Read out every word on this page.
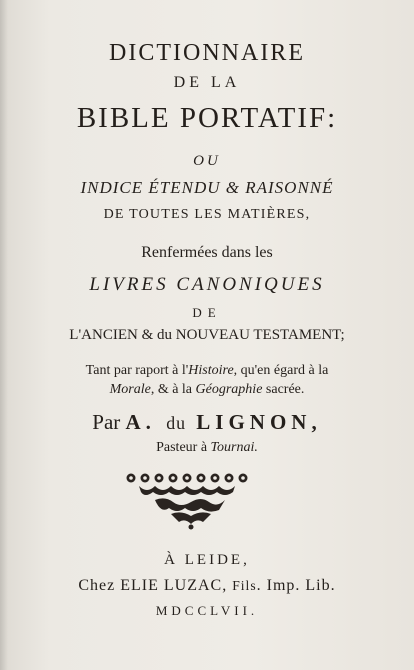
DICTIONNAIRE
DE LA
BIBLE PORTATIF:
OU
INDICE ÉTENDU & RAISONNÉ
DE TOUTES LES MATIÈRES,
Renfermées dans les
LIVRES CANONIQUES
DE
L'ANCIEN & du NOUVEAU TESTAMENT;
Tant par raport à l'Histoire, qu'en égard à la
Morale, & à la Géographie sacrée.
Par A. du LIGNON,
Pasteur à Tournai.
À LEIDE,
Chez ELIE LUZAC, Fils. Imp. Lib.
MDCCLVII.
